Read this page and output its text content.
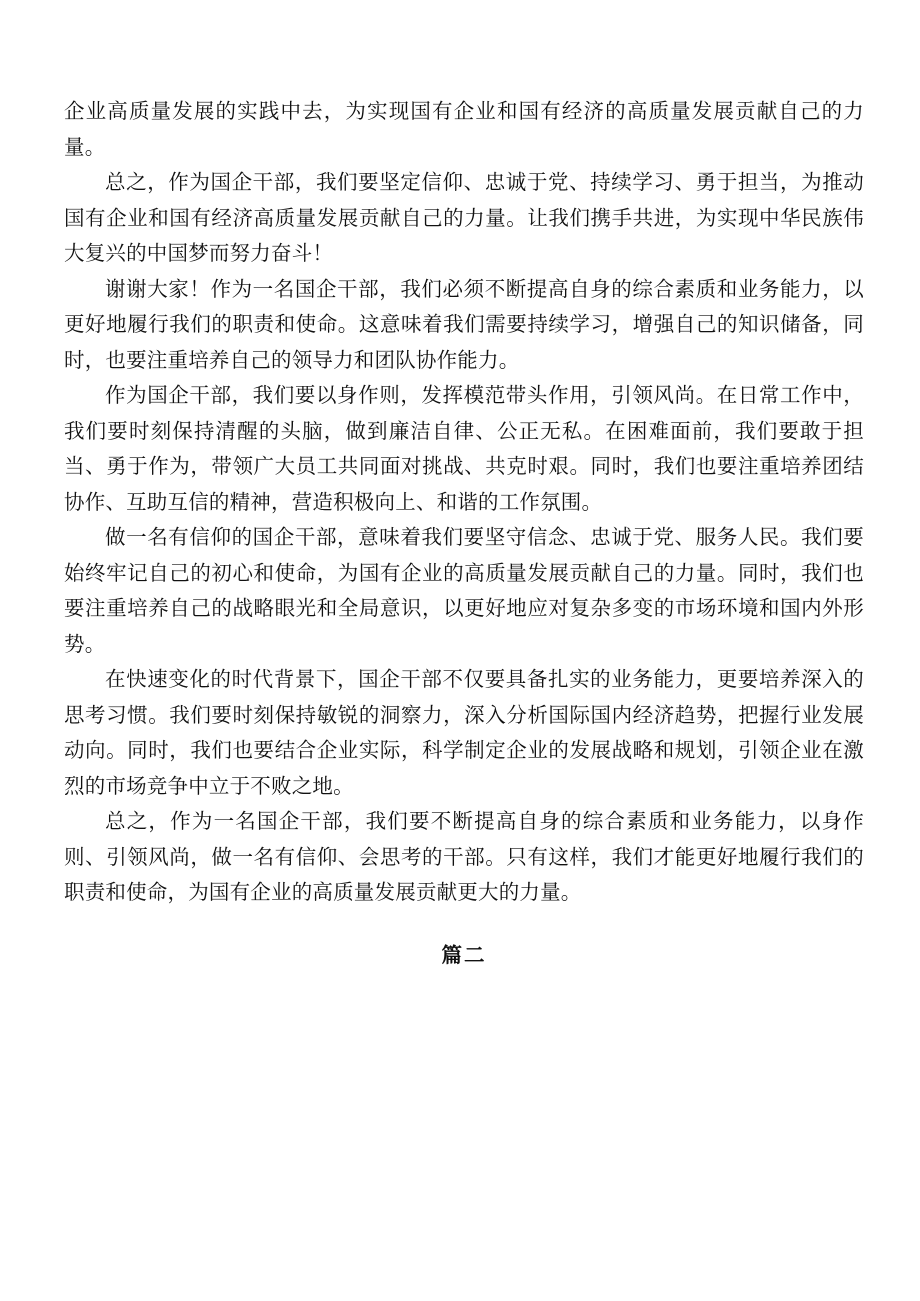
企业高质量发展的实践中去，为实现国有企业和国有经济的高质量发展贡献自己的力量。

总之，作为国企干部，我们要坚定信仰、忠诚于党、持续学习、勇于担当，为推动国有企业和国有经济高质量发展贡献自己的力量。让我们携手共进，为实现中华民族伟大复兴的中国梦而努力奋斗！

谢谢大家！作为一名国企干部，我们必须不断提高自身的综合素质和业务能力，以更好地履行我们的职责和使命。这意味着我们需要持续学习，增强自己的知识储备，同时，也要注重培养自己的领导力和团队协作能力。

作为国企干部，我们要以身作则，发挥模范带头作用，引领风尚。在日常工作中，我们要时刻保持清醒的头脑，做到廉洁自律、公正无私。在困难面前，我们要敢于担当、勇于作为，带领广大员工共同面对挑战、共克时艰。同时，我们也要注重培养团结协作、互助互信的精神，营造积极向上、和谐的工作氛围。

做一名有信仰的国企干部，意味着我们要坚守信念、忠诚于党、服务人民。我们要始终牢记自己的初心和使命，为国有企业的高质量发展贡献自己的力量。同时，我们也要注重培养自己的战略眼光和全局意识，以更好地应对复杂多变的市场环境和国内外形势。

在快速变化的时代背景下，国企干部不仅要具备扎实的业务能力，更要培养深入的思考习惯。我们要时刻保持敏锐的洞察力，深入分析国际国内经济趋势，把握行业发展动向。同时，我们也要结合企业实际，科学制定企业的发展战略和规划，引领企业在激烈的市场竞争中立于不败之地。

总之，作为一名国企干部，我们要不断提高自身的综合素质和业务能力，以身作则、引领风尚，做一名有信仰、会思考的干部。只有这样，我们才能更好地履行我们的职责和使命，为国有企业的高质量发展贡献更大的力量。

篇二
